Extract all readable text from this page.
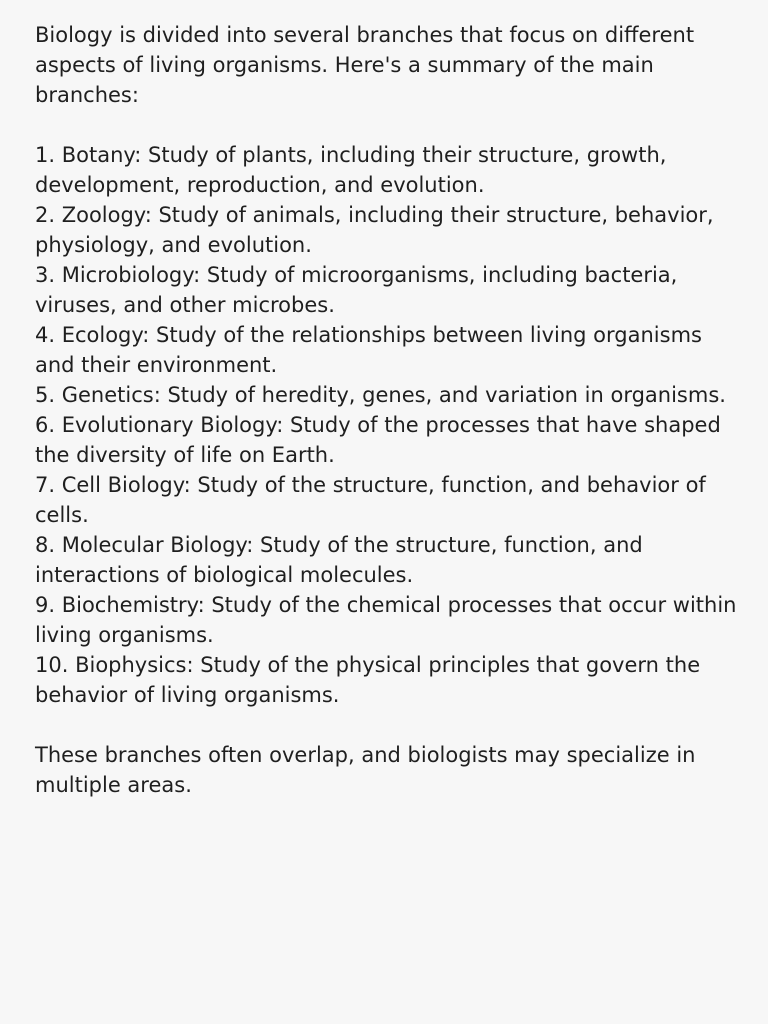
Biology is divided into several branches that focus on different aspects of living organisms. Here's a summary of the main branches:

1. Botany: Study of plants, including their structure, growth, development, reproduction, and evolution.
2. Zoology: Study of animals, including their structure, behavior, physiology, and evolution.
3. Microbiology: Study of microorganisms, including bacteria, viruses, and other microbes.
4. Ecology: Study of the relationships between living organisms and their environment.
5. Genetics: Study of heredity, genes, and variation in organisms.
6. Evolutionary Biology: Study of the processes that have shaped the diversity of life on Earth.
7. Cell Biology: Study of the structure, function, and behavior of cells.
8. Molecular Biology: Study of the structure, function, and interactions of biological molecules.
9. Biochemistry: Study of the chemical processes that occur within living organisms.
10. Biophysics: Study of the physical principles that govern the behavior of living organisms.

These branches often overlap, and biologists may specialize in multiple areas.
